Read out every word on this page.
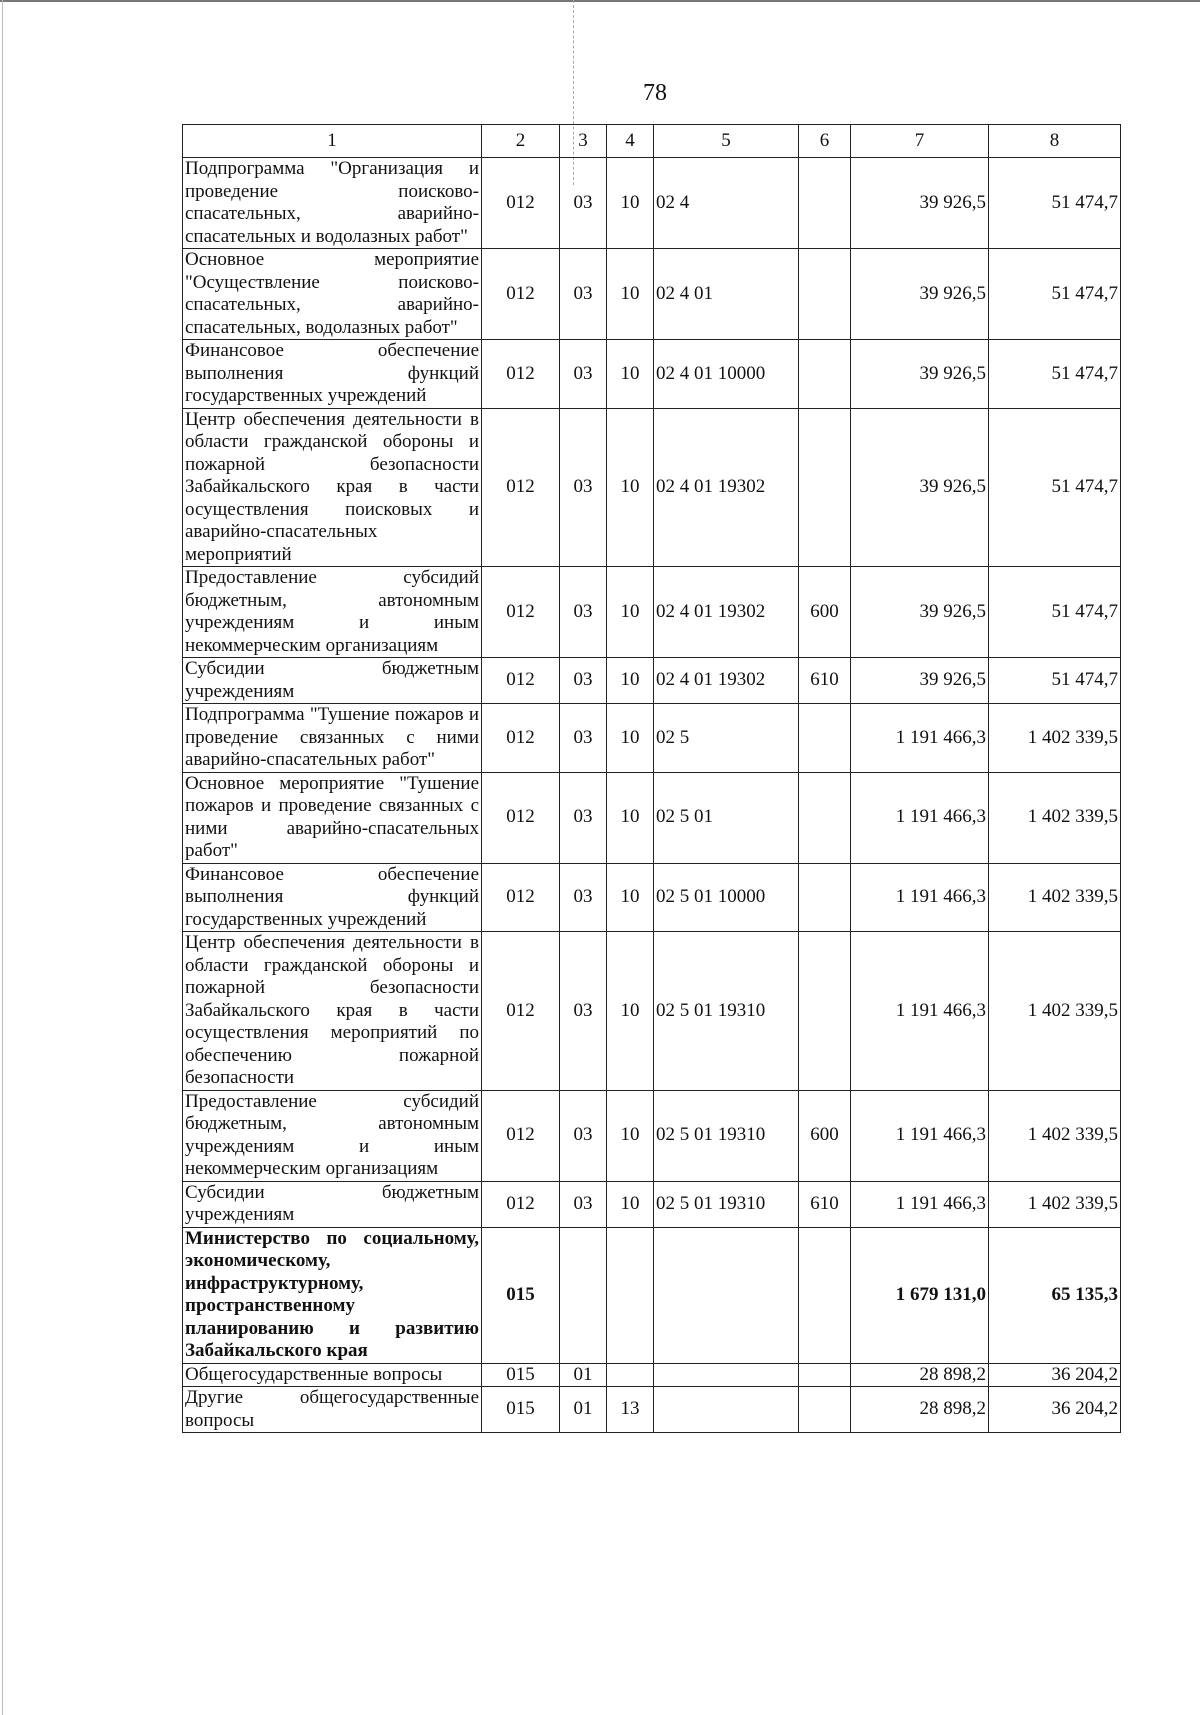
78
1	2	3	4	5	6	7	8
Подпрограмма "Организация и проведение поисково-спасательных, аварийно-спасательных и водолазных работ"	012	03	10	02 4		39 926,5	51 474,7
Основное мероприятие "Осуществление поисково-спасательных, аварийно-спасательных, водолазных работ"	012	03	10	02 4 01		39 926,5	51 474,7
Финансовое обеспечение выполнения функций государственных учреждений	012	03	10	02 4 01 10000		39 926,5	51 474,7
Центр обеспечения деятельности в области гражданской обороны и пожарной безопасности Забайкальского края в части осуществления поисковых и аварийно-спасательных мероприятий	012	03	10	02 4 01 19302		39 926,5	51 474,7
Предоставление субсидий бюджетным, автономным учреждениям и иным некоммерческим организациям	012	03	10	02 4 01 19302	600	39 926,5	51 474,7
Субсидии бюджетным учреждениям	012	03	10	02 4 01 19302	610	39 926,5	51 474,7
Подпрограмма "Тушение пожаров и проведение связанных с ними аварийно-спасательных работ"	012	03	10	02 5		1 191 466,3	1 402 339,5
Основное мероприятие "Тушение пожаров и проведение связанных с ними аварийно-спасательных работ"	012	03	10	02 5 01		1 191 466,3	1 402 339,5
Финансовое обеспечение выполнения функций государственных учреждений	012	03	10	02 5 01 10000		1 191 466,3	1 402 339,5
Центр обеспечения деятельности в области гражданской обороны и пожарной безопасности Забайкальского края в части осуществления мероприятий по обеспечению пожарной безопасности	012	03	10	02 5 01 19310		1 191 466,3	1 402 339,5
Предоставление субсидий бюджетным, автономным учреждениям и иным некоммерческим организациям	012	03	10	02 5 01 19310	600	1 191 466,3	1 402 339,5
Субсидии бюджетным учреждениям	012	03	10	02 5 01 19310	610	1 191 466,3	1 402 339,5
Министерство по социальному, экономическому, инфраструктурному, пространственному планированию и развитию Забайкальского края	015					1 679 131,0	65 135,3
Общегосударственные вопросы	015	01				28 898,2	36 204,2
Другие общегосударственные вопросы	015	01	13			28 898,2	36 204,2
